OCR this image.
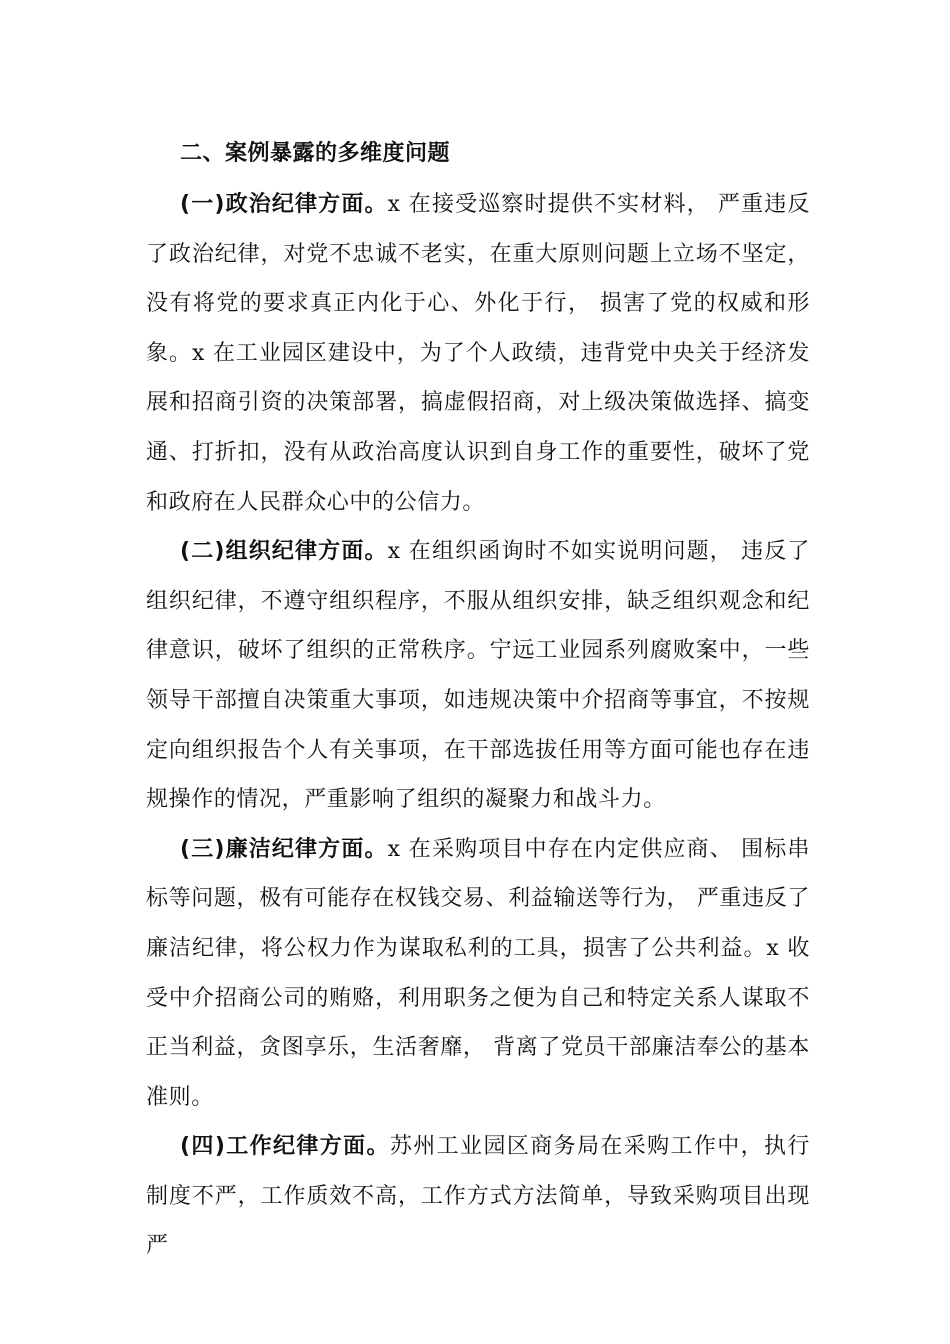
二、案例暴露的多维度问题

(一)政治纪律方面。x 在接受巡察时提供不实材料， 严重违反了政治纪律，对党不忠诚不老实，在重大原则问题上立场不坚定，没有将党的要求真正内化于心、外化于行， 损害了党的权威和形象。x 在工业园区建设中，为了个人政绩，违背党中央关于经济发展和招商引资的决策部署，搞虚假招商，对上级决策做选择、搞变通、打折扣，没有从政治高度认识到自身工作的重要性，破坏了党和政府在人民群众心中的公信力。

(二)组织纪律方面。x 在组织函询时不如实说明问题， 违反了组织纪律，不遵守组织程序，不服从组织安排，缺乏组织观念和纪律意识，破坏了组织的正常秩序。宁远工业园系列腐败案中，一些领导干部擅自决策重大事项，如违规决策中介招商等事宜，不按规定向组织报告个人有关事项，在干部选拔任用等方面可能也存在违规操作的情况，严重影响了组织的凝聚力和战斗力。

(三)廉洁纪律方面。x 在采购项目中存在内定供应商、 围标串标等问题，极有可能存在权钱交易、利益输送等行为， 严重违反了廉洁纪律，将公权力作为谋取私利的工具，损害了公共利益。x 收受中介招商公司的贿赂，利用职务之便为自己和特定关系人谋取不正当利益，贪图享乐，生活奢靡， 背离了党员干部廉洁奉公的基本准则。

(四)工作纪律方面。苏州工业园区商务局在采购工作中，执行制度不严，工作质效不高，工作方式方法简单，导致采购项目出现严
